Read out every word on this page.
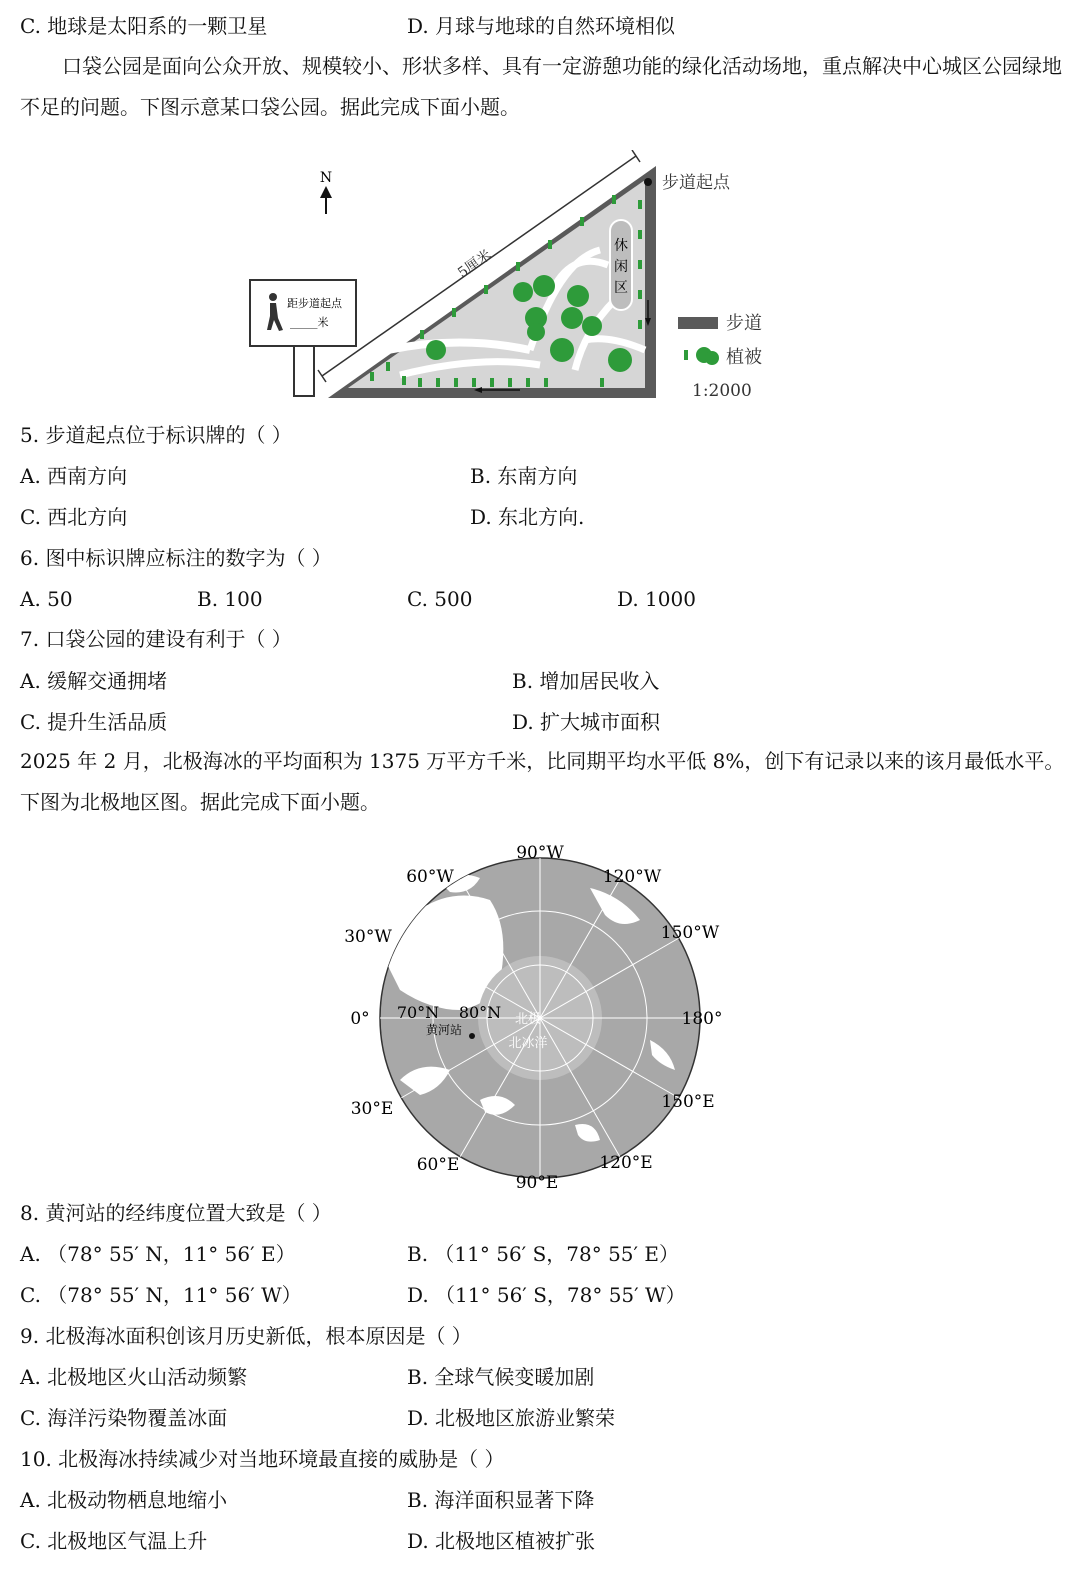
C. 地球是太阳系的一颗卫星	D. 月球与地球的自然环境相似
口袋公园是面向公众开放、规模较小、形状多样、具有一定游憩功能的绿化活动场地，重点解决中心城区公园绿地不足的问题。下图示意某口袋公园。据此完成下面小题。
N
距步道起点
_____米
休
闲
区
步道起点
5厘米
步道
植被
1:2000
5. 步道起点位于标识牌的（ ）
A. 西南方向	B. 东南方向
C. 西北方向	D. 东北方向.
6. 图中标识牌应标注的数字为（ ）
A. 50	B. 100	C. 500	D. 1000
7. 口袋公园的建设有利于（ ）
A. 缓解交通拥堵	B. 增加居民收入
C. 提升生活品质	D. 扩大城市面积
2025 年 2 月，北极海冰的平均面积为 1375 万平方千米，比同期平均水平低 8%，创下有记录以来的该月最低水平。下图为北极地区图。据此完成下面小题。
90°W
60°W	120°W
30°W	150°W
0°	180°
30°E	150°E
60°E	120°E
90°E
70°N 80°N
黄河站
北极
北冰洋
8. 黄河站的经纬度位置大致是（ ）
A. （78° 55′ N，11° 56′ E）	B. （11° 56′ S，78° 55′ E）
C. （78° 55′ N，11° 56′ W）	D. （11° 56′ S，78° 55′ W）
9. 北极海冰面积创该月历史新低，根本原因是（ ）
A. 北极地区火山活动频繁	B. 全球气候变暖加剧
C. 海洋污染物覆盖冰面	D. 北极地区旅游业繁荣
10. 北极海冰持续减少对当地环境最直接的威胁是（ ）
A. 北极动物栖息地缩小	B. 海洋面积显著下降
C. 北极地区气温上升	D. 北极地区植被扩张
